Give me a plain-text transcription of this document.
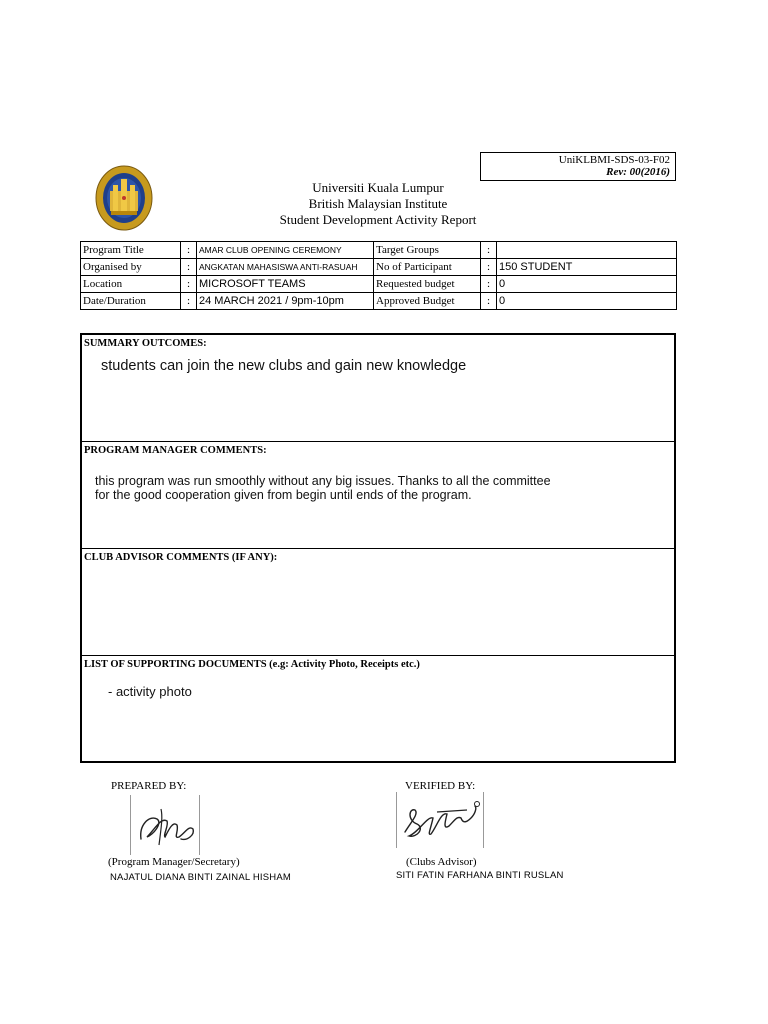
UniKLBMI-SDS-03-F02
Rev: 00(2016)
Universiti Kuala Lumpur
British Malaysian Institute
Student Development Activity Report
Program Title	:	AMAR CLUB OPENING CEREMONY	Target Groups	:	
Organised by	:	ANGKATAN MAHASISWA ANTI-RASUAH	No of Participant	:	150 STUDENT
Location	:	MICROSOFT TEAMS	Requested budget	:	0
Date/Duration	:	24 MARCH 2021 / 9pm-10pm	Approved Budget	:	0
SUMMARY OUTCOMES:
students can join the new clubs and gain new knowledge
PROGRAM MANAGER COMMENTS:
this program was run smoothly without any big issues. Thanks to all the committee
for the good cooperation given from begin until ends of the program.
CLUB ADVISOR COMMENTS (IF ANY):
LIST OF SUPPORTING DOCUMENTS (e.g: Activity Photo, Receipts etc.)
- activity photo
PREPARED BY:
(Program Manager/Secretary)
NAJATUL DIANA BINTI ZAINAL HISHAM
VERIFIED BY:
(Clubs Advisor)
SITI FATIN FARHANA BINTI RUSLAN
